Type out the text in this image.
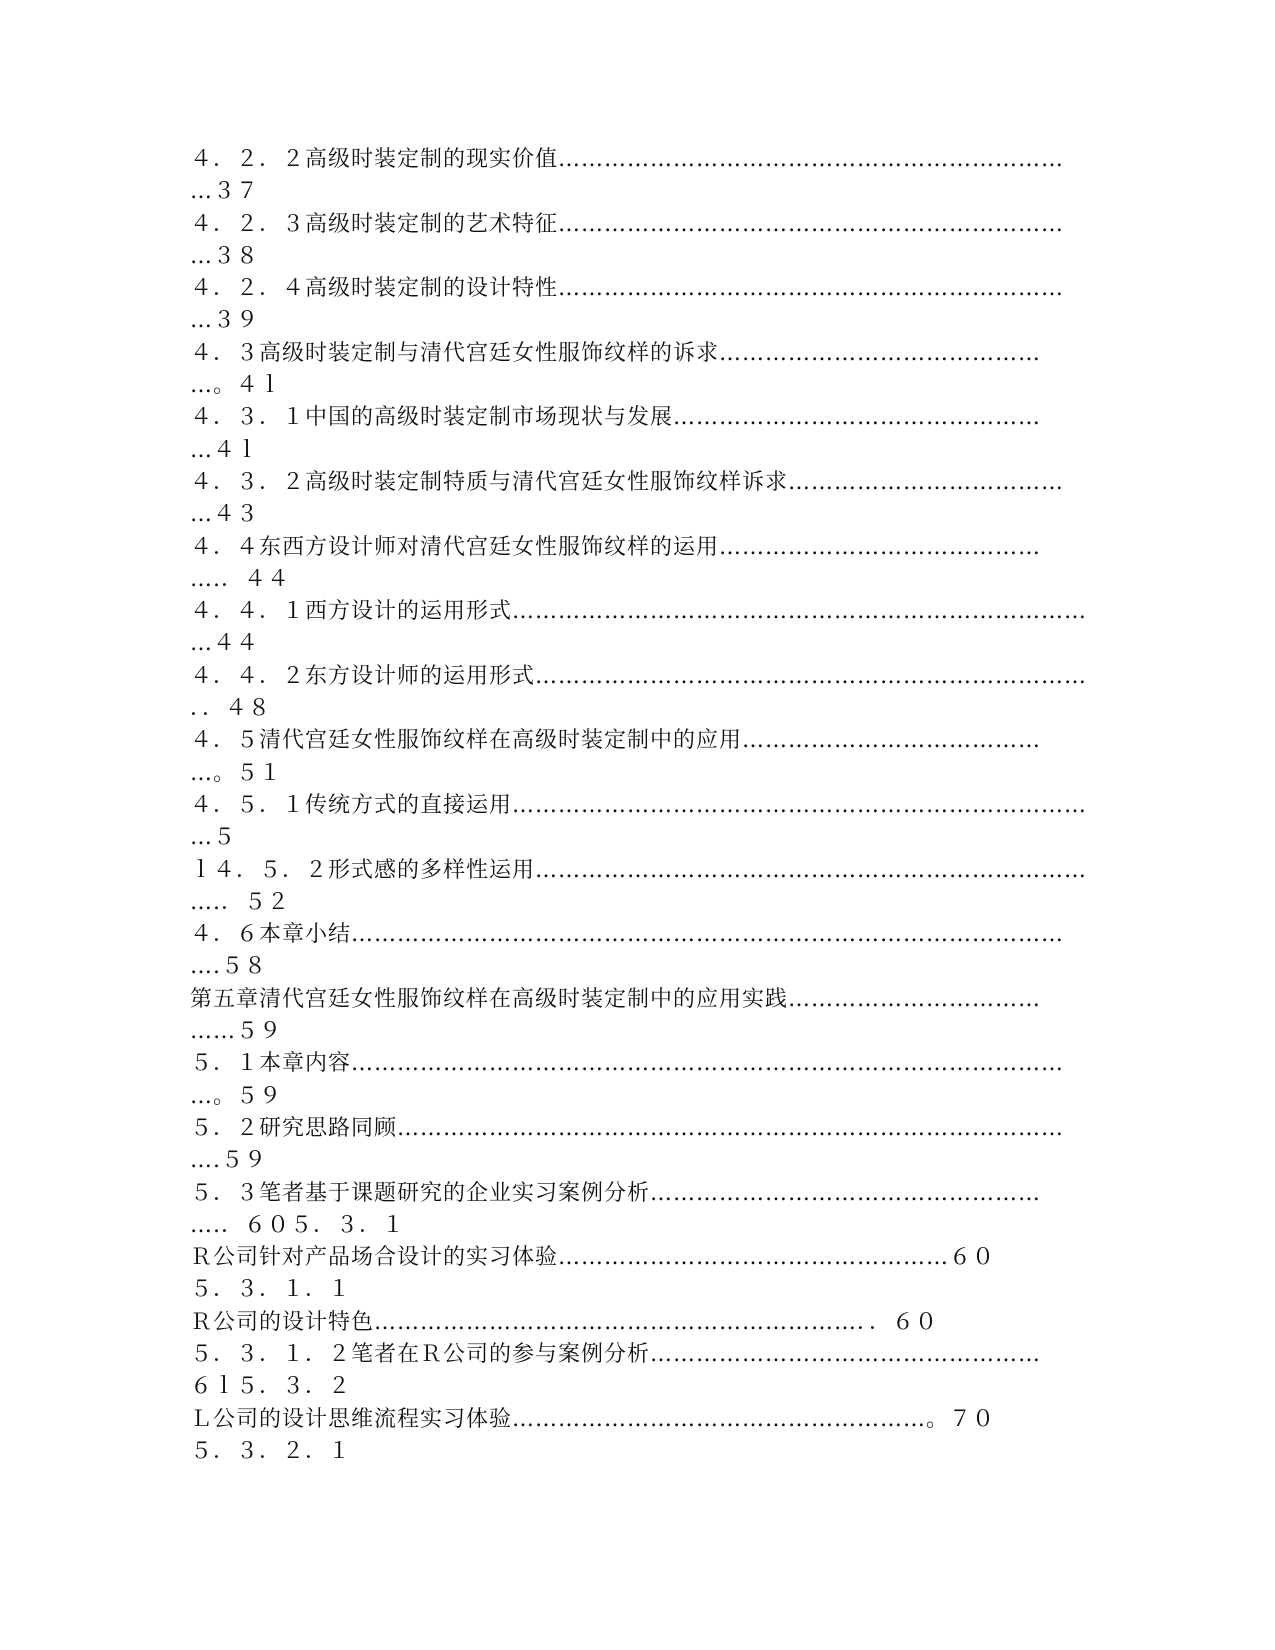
４．２．２高级时装定制的现实价值…………………………………………………………
…３７
４．２．３高级时装定制的艺术特征…………………………………………………………
…３８
４．２．４高级时装定制的设计特性…………………………………………………………
…３９
４．３高级时装定制与清代宫廷女性服饰纹样的诉求……………………………………
…。４ｌ
４．３．１中国的高级时装定制市场现状与发展…………………………………………
…４ｌ
４．３．２高级时装定制特质与清代宫廷女性服饰纹样诉求………………………………
…４３
４．４东西方设计师对清代宫廷女性服饰纹样的运用……………………………………
….．４４
４．４．１西方设计的运用形式…………………………………………………………………
…４４
４．４．２东方设计师的运用形式………………………………………………………………
．．４８
４．５清代宫廷女性服饰纹样在高级时装定制中的应用…………………………………
…。５１
４．５．１传统方式的直接运用…………………………………………………………………
…５
ｌ４．５．２形式感的多样性运用………………………………………………………………
….．５２
４．６本章小结…………………………………………………………………………………
….５８
第五章清代宫廷女性服饰纹样在高级时装定制中的应用实践……………………………
……５９
５．１本章内容…………………………………………………………………………………
…。５９
５．２研究思路同顾……………………………………………………………………………
….５９
５．３笔者基于课题研究的企业实习案例分析……………………………………………
….．６０５．３．１
Ｒ公司针对产品场合设计的实习体验……………………………………………６０
５．３．１．１
Ｒ公司的设计特色………………………………………………………．．６０
５．３．１．２笔者在Ｒ公司的参与案例分析……………………………………………
６ｌ５．３．２
Ｌ公司的设计思维流程实习体验………………………………………………。７０
５．３．２．１
